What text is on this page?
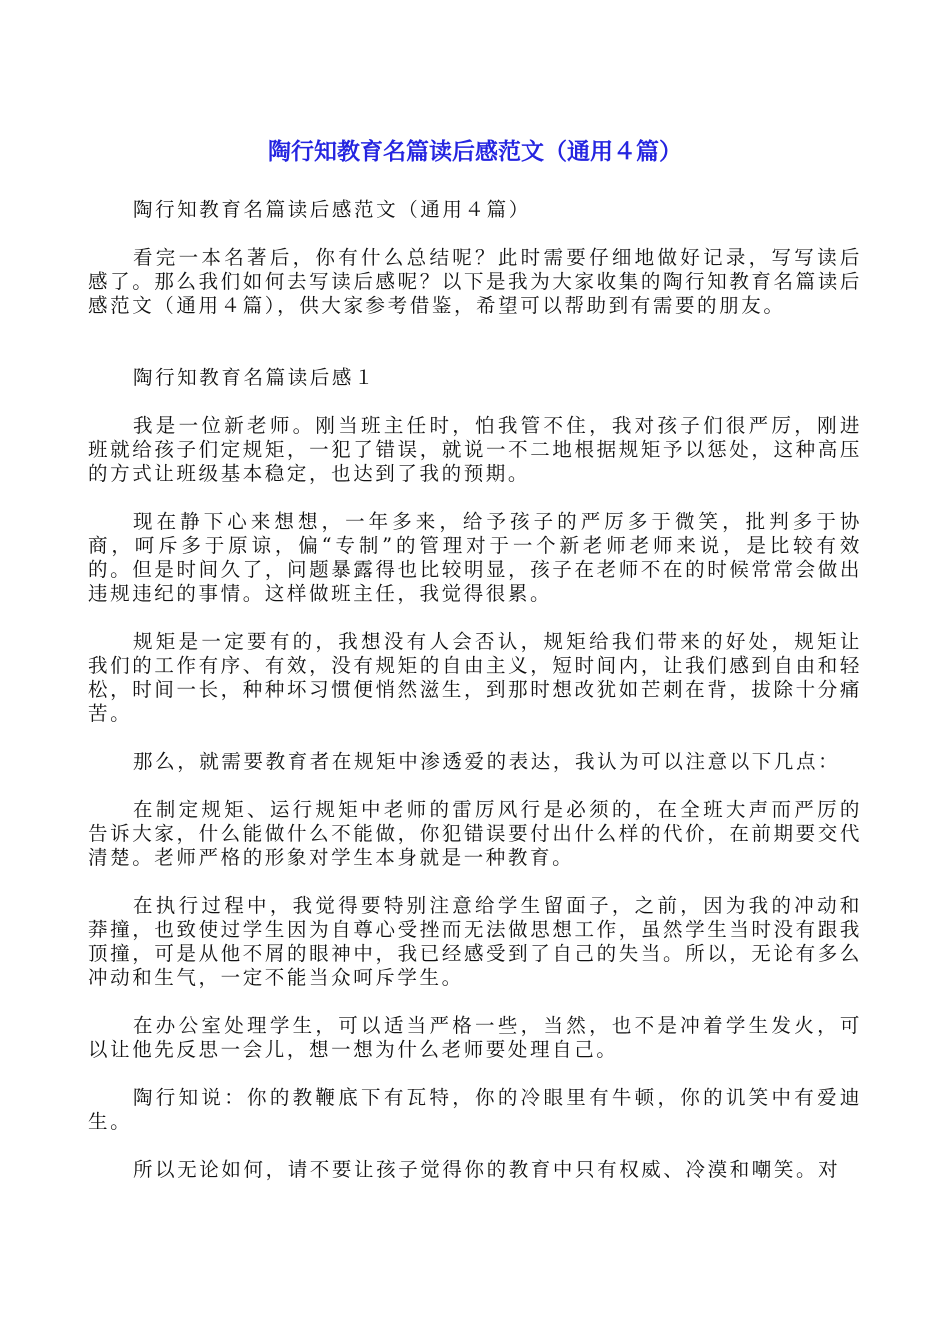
陶行知教育名篇读后感范文（通用４篇）

陶行知教育名篇读后感范文（通用４篇）

看完一本名著后，你有什么总结呢？此时需要仔细地做好记录，写写读后感了。那么我们如何去写读后感呢？以下是我为大家收集的陶行知教育名篇读后感范文（通用４篇），供大家参考借鉴，希望可以帮助到有需要的朋友。

陶行知教育名篇读后感１

我是一位新老师。刚当班主任时，怕我管不住，我对孩子们很严厉，刚进班就给孩子们定规矩，一犯了错误，就说一不二地根据规矩予以惩处，这种高压的方式让班级基本稳定，也达到了我的预期。

现在静下心来想想，一年多来，给予孩子的严厉多于微笑，批判多于协商，呵斥多于原谅，偏“专制”的管理对于一个新老师老师来说，是比较有效的。但是时间久了，问题暴露得也比较明显，孩子在老师不在的时候常常会做出违规违纪的事情。这样做班主任，我觉得很累。

规矩是一定要有的，我想没有人会否认，规矩给我们带来的好处，规矩让我们的工作有序、有效，没有规矩的自由主义，短时间内，让我们感到自由和轻松，时间一长，种种坏习惯便悄然滋生，到那时想改犹如芒刺在背，拔除十分痛苦。

那么，就需要教育者在规矩中渗透爱的表达，我认为可以注意以下几点：

在制定规矩、运行规矩中老师的雷厉风行是必须的，在全班大声而严厉的告诉大家，什么能做什么不能做，你犯错误要付出什么样的代价，在前期要交代清楚。老师严格的形象对学生本身就是一种教育。

在执行过程中，我觉得要特别注意给学生留面子，之前，因为我的冲动和莽撞，也致使过学生因为自尊心受挫而无法做思想工作，虽然学生当时没有跟我顶撞，可是从他不屑的眼神中，我已经感受到了自己的失当。所以，无论有多么冲动和生气，一定不能当众呵斥学生。

在办公室处理学生，可以适当严格一些，当然，也不是冲着学生发火，可以让他先反思一会儿，想一想为什么老师要处理自己。

陶行知说：你的教鞭底下有瓦特，你的冷眼里有牛顿，你的讥笑中有爱迪生。

所以无论如何，请不要让孩子觉得你的教育中只有权威、冷漠和嘲笑。对
